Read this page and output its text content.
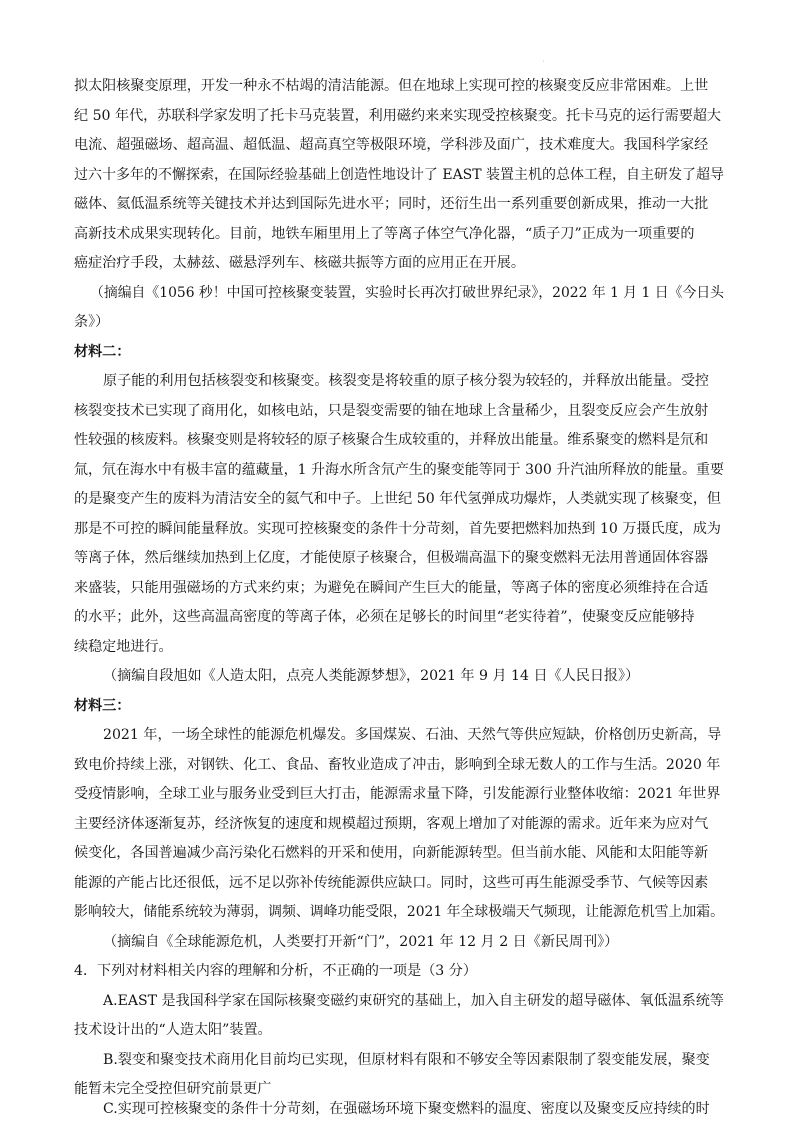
ˌ
拟太阳核聚变原理，开发一种永不枯竭的清洁能源。但在地球上实现可控的核聚变反应非常困难。上世
纪 50 年代，苏联科学家发明了托卡马克装置，利用磁约来来实现受控核聚变。托卡马克的运行需要超大
电流、超强磁场、超高温、超低温、超高真空等极限环境，学科涉及面广，技术难度大。我国科学家经
过六十多年的不懈探索，在国际经验基础上创造性地设计了 EAST 装置主机的总体工程，自主研发了超导
磁体、氦低温系统等关键技术并达到国际先进水平；同时，还衍生出一系列重要创新成果，推动一大批
高新技术成果实现转化。目前，地铁车厢里用上了等离子体空气净化器，“质子刀”正成为一项重要的
癌症治疗手段，太赫兹、磁悬浮列车、核磁共振等方面的应用正在开展。
（摘编自《1056 秒！中国可控核聚变装置，实验时长再次打破世界纪录》，2022 年 1 月 1 日《今日头
条》）
材料二：
原子能的利用包括核裂变和核聚变。核裂变是将较重的原子核分裂为较轻的，并释放出能量。受控
核裂变技术已实现了商用化，如核电站，只是裂变需要的铀在地球上含量稀少，且裂变反应会产生放射
性较强的核废料。核聚变则是将较轻的原子核聚合生成较重的，并释放出能量。维系聚变的燃料是氘和
氚，氘在海水中有极丰富的蕴藏量，1 升海水所含氘产生的聚变能等同于 300 升汽油所释放的能量。重要
的是聚变产生的废料为清洁安全的氦气和中子。上世纪 50 年代氢弹成功爆炸，人类就实现了核聚变，但
那是不可控的瞬间能量释放。实现可控核聚变的条件十分苛刻，首先要把燃料加热到 10 万摄氏度，成为
等离子体，然后继续加热到上亿度，才能使原子核聚合，但极端高温下的聚变燃料无法用普通固体容器
来盛装，只能用强磁场的方式来约束；为避免在瞬间产生巨大的能量，等离子体的密度必须维持在合适
的水平；此外，这些高温高密度的等离子体，必须在足够长的时间里“老实待着”，使聚变反应能够持
续稳定地进行。
（摘编自段旭如《人造太阳，点亮人类能源梦想》，2021 年 9 月 14 日《人民日报》）
材料三：
2021 年，一场全球性的能源危机爆发。多国煤炭、石油、天然气等供应短缺，价格创历史新高，导
致电价持续上涨，对钢铁、化工、食品、畜牧业造成了冲击，影响到全球无数人的工作与生活。2020 年
受疫情影响，全球工业与服务业受到巨大打击，能源需求量下降，引发能源行业整体收缩：2021 年世界
主要经济体逐渐复苏，经济恢复的速度和规模超过预期，客观上增加了对能源的需求。近年来为应对气
候变化，各国普遍减少高污染化石燃料的开采和使用，向新能源转型。但当前水能、风能和太阳能等新
能源的产能占比还很低，远不足以弥补传统能源供应缺口。同时，这些可再生能源受季节、气候等因素
影响较大，储能系统较为薄弱，调频、调峰功能受限，2021 年全球极端天气频现，让能源危机雪上加霜。
（摘编自《全球能源危机，人类要打开新“门”，2021 年 12 月 2 日《新民周刊》）
4．下列对材料相关内容的理解和分析，不正确的一项是（3 分）
A.EAST 是我国科学家在国际核聚变磁约束研究的基础上，加入自主研发的超导磁体、氧低温系统等
技术设计出的“人造太阳”装置。
B.裂变和聚变技术商用化目前均已实现，但原材料有限和不够安全等因素限制了裂变能发展，聚变
能暂未完全受控但研究前景更广
C.实现可控核聚变的条件十分苛刻，在强磁场环境下聚变燃料的温度、密度以及聚变反应持续的时
